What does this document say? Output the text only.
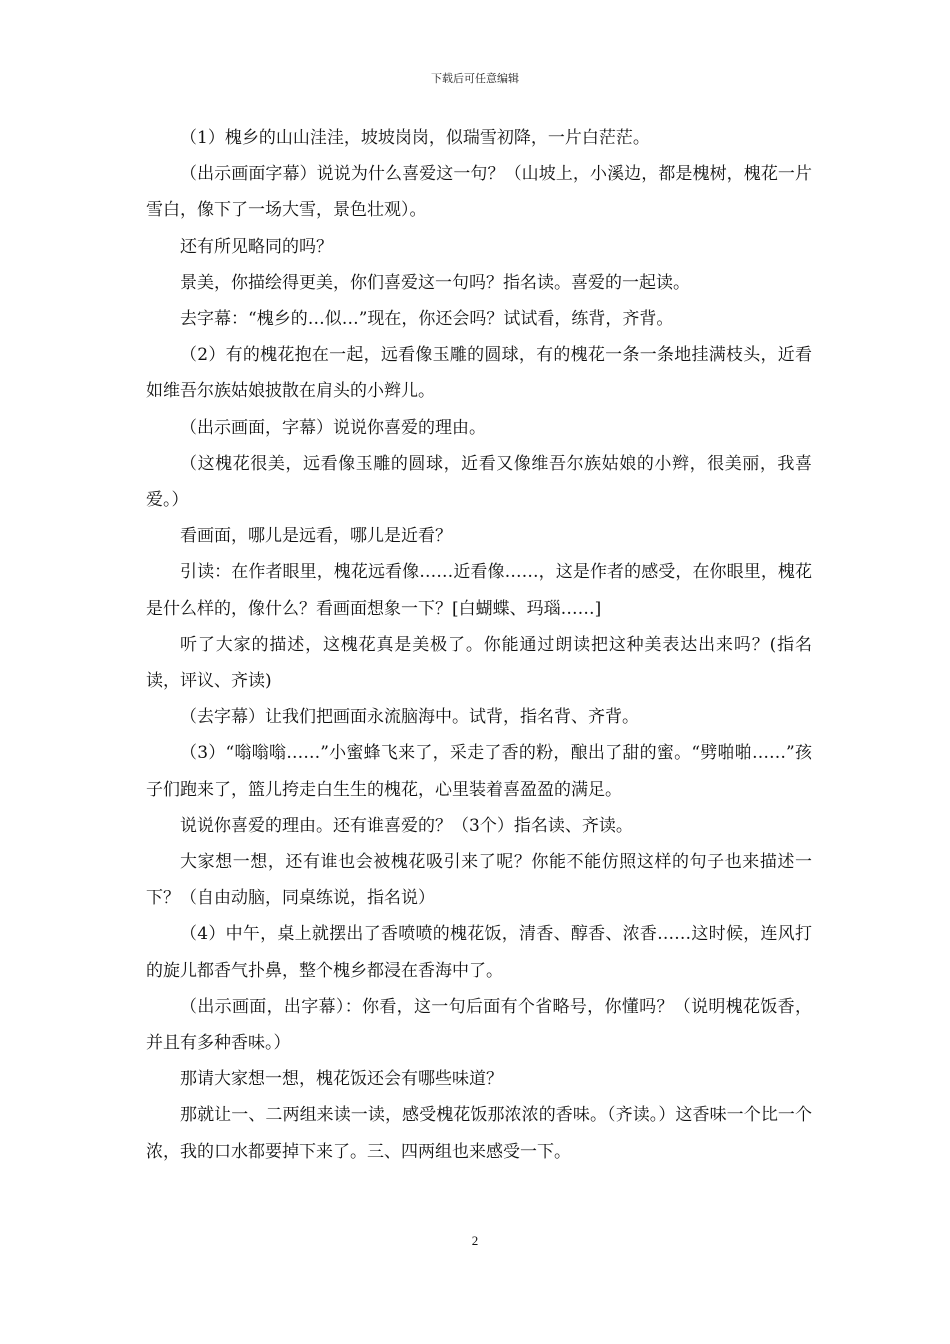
下载后可任意编辑

（1）槐乡的山山洼洼，坡坡岗岗，似瑞雪初降，一片白茫茫。

（出示画面字幕）说说为什么喜爱这一句？（山坡上，小溪边，都是槐树，槐花一片雪白，像下了一场大雪，景色壮观）。

还有所见略同的吗？

景美，你描绘得更美，你们喜爱这一句吗？指名读。喜爱的一起读。

去字幕：“槐乡的…似…”现在，你还会吗？试试看，练背，齐背。

（2）有的槐花抱在一起，远看像玉雕的圆球，有的槐花一条一条地挂满枝头，近看如维吾尔族姑娘披散在肩头的小辫儿。

（出示画面，字幕）说说你喜爱的理由。

（这槐花很美，远看像玉雕的圆球，近看又像维吾尔族姑娘的小辫，很美丽，我喜爱。）

看画面，哪儿是远看，哪儿是近看？

引读：在作者眼里，槐花远看像……近看像……，这是作者的感受，在你眼里，槐花是什么样的，像什么？看画面想象一下？[白蝴蝶、玛瑙……]

听了大家的描述，这槐花真是美极了。你能通过朗读把这种美表达出来吗？(指名读，评议、齐读)

（去字幕）让我们把画面永流脑海中。试背，指名背、齐背。

（3）“嗡嗡嗡……”小蜜蜂飞来了，采走了香的粉，酿出了甜的蜜。“劈啪啪……”孩子们跑来了，篮儿挎走白生生的槐花，心里装着喜盈盈的满足。

说说你喜爱的理由。还有谁喜爱的？（3个）指名读、齐读。

大家想一想，还有谁也会被槐花吸引来了呢？你能不能仿照这样的句子也来描述一下？（自由动脑，同桌练说，指名说）

（4）中午，桌上就摆出了香喷喷的槐花饭，清香、醇香、浓香……这时候，连风打的旋儿都香气扑鼻，整个槐乡都浸在香海中了。

（出示画面，出字幕）：你看，这一句后面有个省略号，你懂吗？（说明槐花饭香，并且有多种香味。）

那请大家想一想，槐花饭还会有哪些味道？

那就让一、二两组来读一读，感受槐花饭那浓浓的香味。（齐读。）这香味一个比一个浓，我的口水都要掉下来了。三、四两组也来感受一下。

2
